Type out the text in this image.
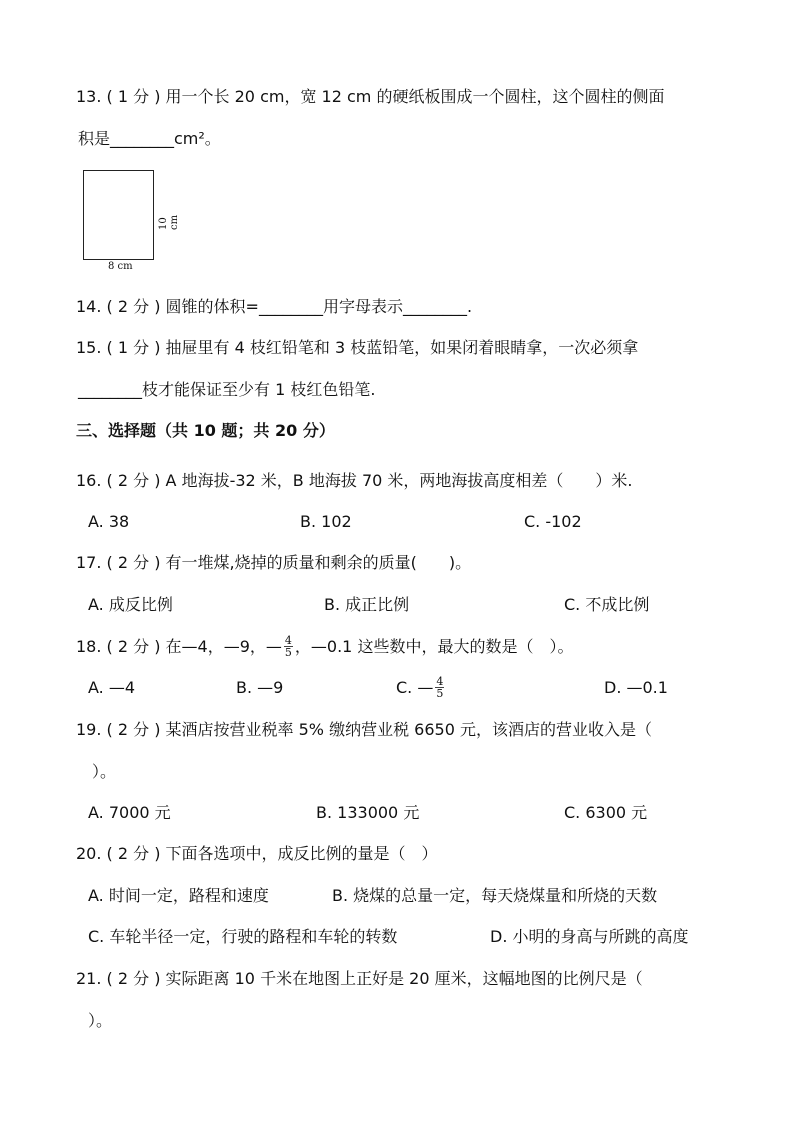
13. ( 1 分 ) 用一个长 20 cm，宽 12 cm 的硬纸板围成一个圆柱，这个圆柱的侧面
积是________cm²。
8 cm
10 cm
14. ( 2 分 ) 圆锥的体积=________用字母表示________.
15. ( 1 分 ) 抽屉里有 4 枝红铅笔和 3 枝蓝铅笔，如果闭着眼睛拿，一次必须拿
________枝才能保证至少有 1 枝红色铅笔.
三、选择题（共 10 题；共 20 分）
16. ( 2 分 ) A 地海拔-32 米，B 地海拔 70 米，两地海拔高度相差（　　）米.
A. 38	B. 102	C. -102
17. ( 2 分 ) 有一堆煤,烧掉的质量和剩余的质量(　　)。
A. 成反比例	B. 成正比例	C. 不成比例
18. ( 2 分 ) 在—4，—9，— $\frac{4}{5}$ ，—0.1 这些数中，最大的数是（　）。
A. —4	B. —9	C. — $\frac{4}{5}$	D. —0.1
19. ( 2 分 ) 某酒店按营业税率 5% 缴纳营业税 6650 元，该酒店的营业收入是（
）。
A. 7000 元	B. 133000 元	C. 6300 元
20. ( 2 分 ) 下面各选项中，成反比例的量是（　）
A. 时间一定，路程和速度	B. 烧煤的总量一定，每天烧煤量和所烧的天数
C. 车轮半径一定，行驶的路程和车轮的转数	D. 小明的身高与所跳的高度
21. ( 2 分 ) 实际距离 10 千米在地图上正好是 20 厘米，这幅地图的比例尺是（
）。
